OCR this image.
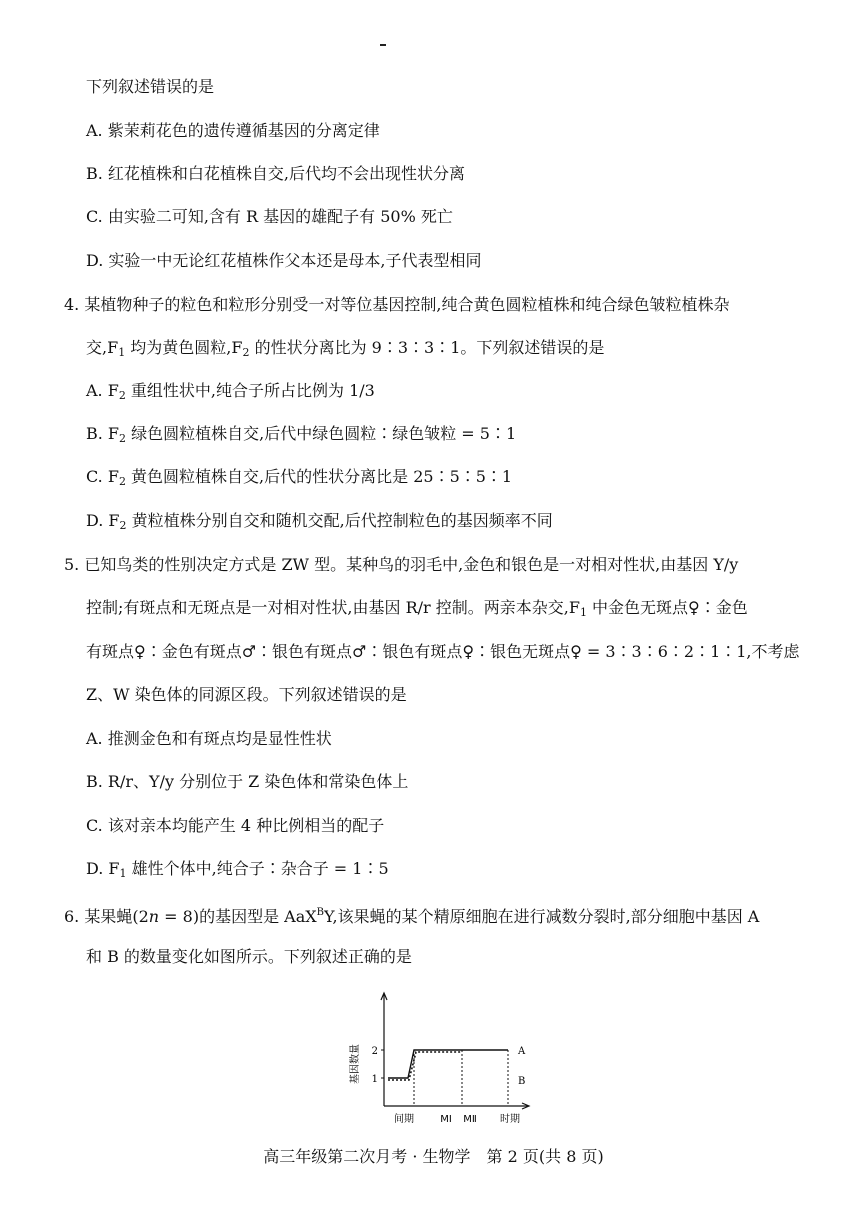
下列叙述错误的是
A. 紫茉莉花色的遗传遵循基因的分离定律
B. 红花植株和白花植株自交,后代均不会出现性状分离
C. 由实验二可知,含有 R 基因的雄配子有 50% 死亡
D. 实验一中无论红花植株作父本还是母本,子代表型相同
4. 某植物种子的粒色和粒形分别受一对等位基因控制,纯合黄色圆粒植株和纯合绿色皱粒植株杂
交$,F_1$ 均为黄色圆粒$,F_2$ 的性状分离比为 9∶3∶3∶1。下列叙述错误的是
A. $F_2$ 重组性状中,纯合子所占比例为 1/3
B. $F_2$ 绿色圆粒植株自交,后代中绿色圆粒∶绿色皱粒 = 5∶1
C. $F_2$ 黄色圆粒植株自交,后代的性状分离比是 25∶5∶5∶1
D. $F_2$ 黄粒植株分别自交和随机交配,后代控制粒色的基因频率不同
5. 已知鸟类的性别决定方式是 ZW 型。某种鸟的羽毛中,金色和银色是一对相对性状,由基因 Y/y
控制;有斑点和无斑点是一对相对性状,由基因 R/r 控制。两亲本杂交$,F_1$ 中金色无斑点♀∶金色
有斑点♀∶金色有斑点♂∶银色有斑点♂∶银色有斑点♀∶银色无斑点♀ = 3∶3∶6∶2∶1∶1,不考虑
Z、W 染色体的同源区段。下列叙述错误的是
A. 推测金色和有斑点均是显性性状
B. R/r、Y/y 分别位于 Z 染色体和常染色体上
C. 该对亲本均能产生 4 种比例相当的配子
D. $F_1$ 雄性个体中,纯合子∶杂合子 = 1∶5
6. 某果蝇(2n = 8)的基因型是 AaX$^B$Y,该果蝇的某个精原细胞在进行减数分裂时,部分细胞中基因 A
和 B 的数量变化如图所示。下列叙述正确的是
1
2
基因数量	A
B
间期	MⅠ MⅡ 时期
高三年级第二次月考 · 生物学　第 2 页(共 8 页)
